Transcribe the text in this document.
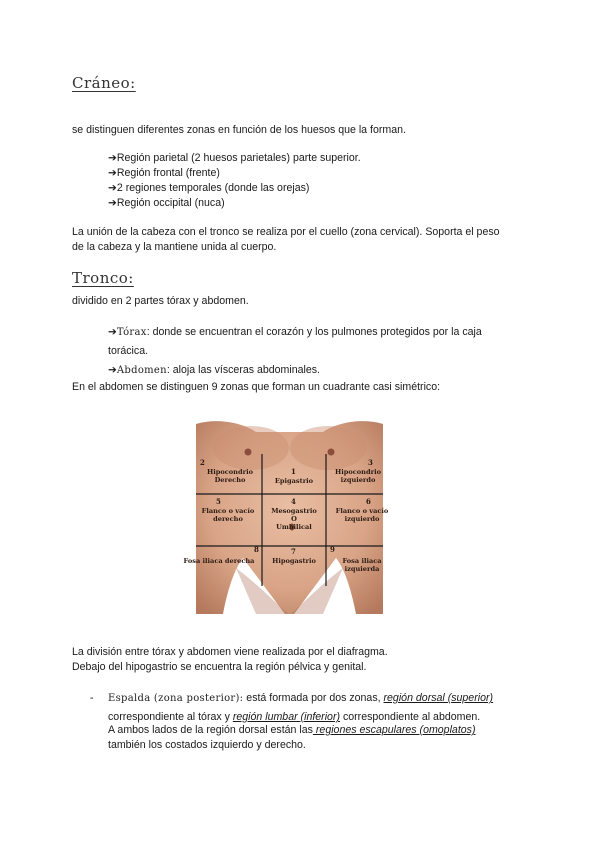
Cráneo:
se distinguen diferentes zonas en función de los huesos que la forman.
➔Región parietal (2 huesos parietales) parte superior.
➔Región frontal (frente)
➔2 regiones temporales (donde las orejas)
➔Región occipital (nuca)
La unión de la cabeza con el tronco se realiza por el cuello (zona cervical). Soporta el peso
de la cabeza y la mantiene unida al cuerpo.
Tronco:
dividido en 2 partes tórax y abdomen.
➔Tórax: donde se encuentran el corazón y los pulmones protegidos por la caja
torácica.
➔Abdomen: aloja las vísceras abdominales.
En el abdomen se distinguen 9 zonas que forman un cuadrante casi simétrico:
2
Hipocondrio
Derecho
1
Epigastrio
3
Hipocondrio
izquierdo
5
Flanco o vacío
derecho
4
Mesogastrio
O
Umbilical
6
Flanco o vacío
izquierdo
8
Fosa iliaca derecha
7
Hipogastrio
9
Fosa iliaca
izquierda
La división entre tórax y abdomen viene realizada por el diafragma.
Debajo del hipogastrio se encuentra la región pélvica y genital.
- Espalda (zona posterior): está formada por dos zonas, región dorsal (superior)
correspondiente al tórax y región lumbar (inferior) correspondiente al abdomen.
A ambos lados de la región dorsal están las regiones escapulares (omoplatos)
también los costados izquierdo y derecho.
